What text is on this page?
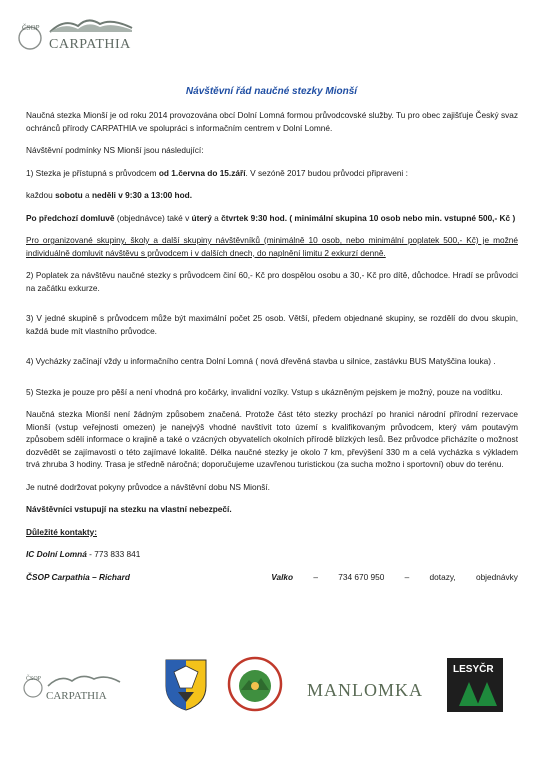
ČSOP
CARPATHIA
Návštěvní řád naučné stezky Mionší

Naučná stezka Mionší je od roku 2014 provozována obcí Dolní Lomná formou průvodcovské služby. Tu pro obec zajišťuje Český svaz ochránců přírody CARPATHIA ve spolupráci s informačním centrem v Dolní Lomné.

Návštěvní podmínky NS Mionší jsou následující:

1) Stezka je přístupná s průvodcem od 1.června do 15.září. V sezóně 2017 budou průvodci připraveni :

každou sobotu a neděli v 9:30 a 13:00 hod.

Po předchozí domluvě (objednávce) také v úterý a čtvrtek 9:30 hod. ( minimální skupina 10 osob nebo min. vstupné 500,- Kč )

Pro organizované skupiny, školy a další skupiny návštěvníků (minimálně 10 osob, nebo minimální poplatek 500,- Kč) je možné individuálně domluvit návštěvu s průvodcem i v dalších dnech, do naplnění limitu 2 exkurzí denně.

2) Poplatek za návštěvu naučné stezky s průvodcem činí 60,- Kč pro dospělou osobu a 30,- Kč pro dítě, důchodce. Hradí se průvodci na začátku exkurze.

3) V jedné skupině s průvodcem může být maximální počet 25 osob. Větší, předem objednané skupiny, se rozdělí do dvou skupin, každá bude mít vlastního průvodce.

4) Vycházky začínají vždy u informačního centra Dolní Lomná ( nová dřevěná stavba u silnice, zastávku BUS Matyščina louka) .

5) Stezka je pouze pro pěší a není vhodná pro kočárky, invalidní vozíky. Vstup s ukázněným pejskem je možný, pouze na vodítku.

Naučná stezka Mionší není žádným způsobem značená. Protože část této stezky prochází po hranici národní přírodní rezervace Mionší (vstup veřejnosti omezen) je nanejvýš vhodné navštívit toto území s kvalifikovaným průvodcem, který vám poutavým způsobem sdělí informace o krajině a také o vzácných obyvatelích okolních přírodě blízkých lesů. Bez průvodce přicházíte o možnost dozvědět se zajímavosti o této zajímavé lokalitě. Délka naučné stezky je okolo 7 km, převýšení 330 m a celá vycházka s výkladem trvá zhruba 3 hodiny. Trasa je středně náročná; doporučujeme uzavřenou turistickou (za sucha možno i sportovní) obuv do terénu.

Je nutné dodržovat pokyny průvodce a návštěvní dobu NS Mionší.

Návštěvníci vstupují na stezku na vlastní nebezpečí.

Důležité kontakty:

IC Dolní Lomná - 773 833 841

ČSOP Carpathia – Richard	Valko – 734 670 950 – dotazy, objednávky
ČSOP
CARPATHIA	MANLOMKA
LESYČR
